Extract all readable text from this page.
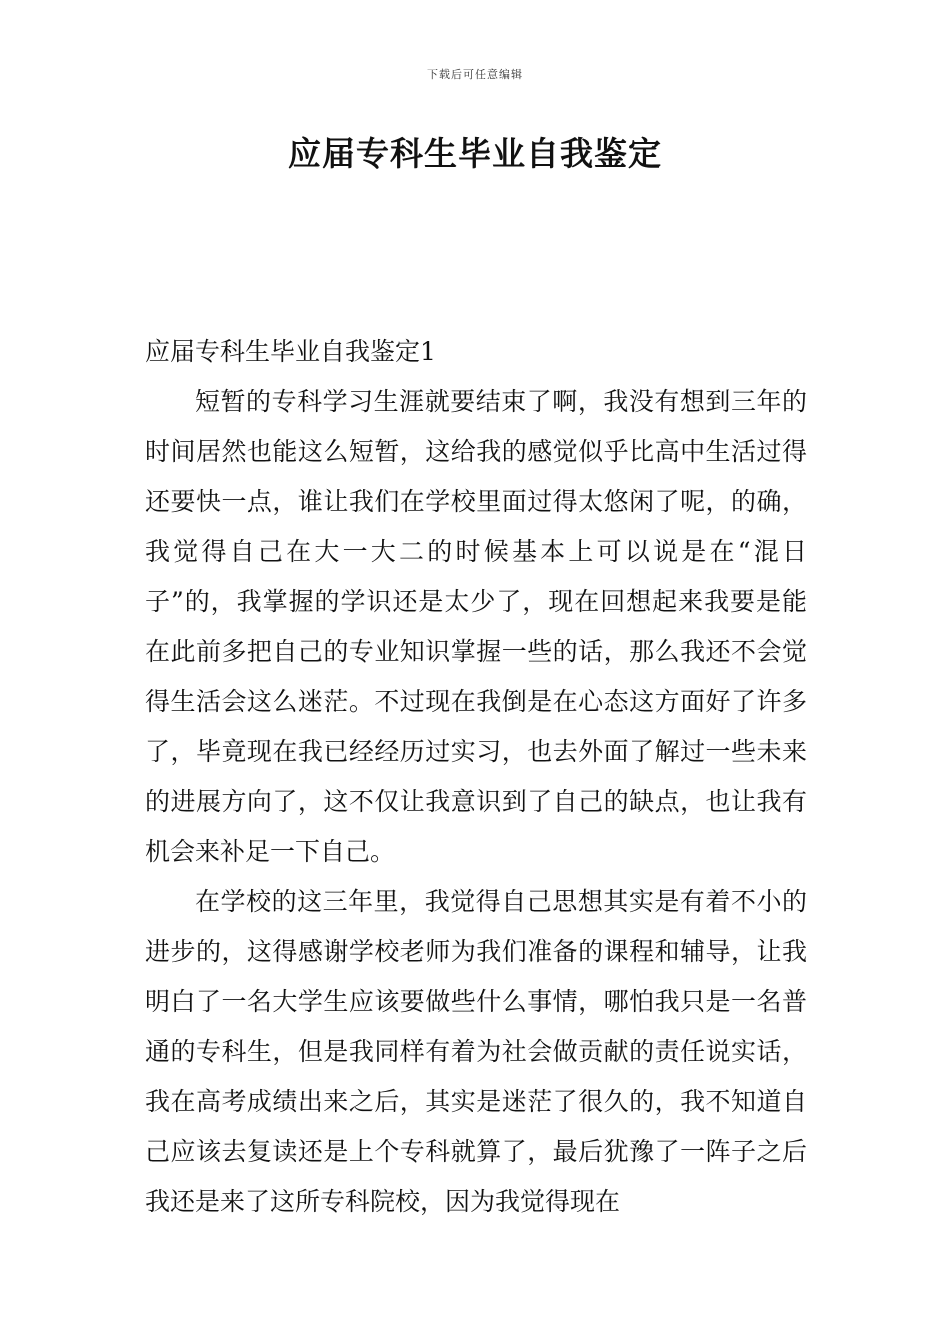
下载后可任意编辑
应届专科生毕业自我鉴定
应届专科生毕业自我鉴定1

短暂的专科学习生涯就要结束了啊，我没有想到三年的时间居然也能这么短暂，这给我的感觉似乎比高中生活过得还要快一点，谁让我们在学校里面过得太悠闲了呢，的确，我觉得自己在大一大二的时候基本上可以说是在“混日子”的，我掌握的学识还是太少了，现在回想起来我要是能在此前多把自己的专业知识掌握一些的话，那么我还不会觉得生活会这么迷茫。不过现在我倒是在心态这方面好了许多了，毕竟现在我已经经历过实习，也去外面了解过一些未来的进展方向了，这不仅让我意识到了自己的缺点，也让我有机会来补足一下自己。

在学校的这三年里，我觉得自己思想其实是有着不小的进步的，这得感谢学校老师为我们准备的课程和辅导，让我明白了一名大学生应该要做些什么事情，哪怕我只是一名普通的专科生，但是我同样有着为社会做贡献的责任说实话，我在高考成绩出来之后，其实是迷茫了很久的，我不知道自己应该去复读还是上个专科就算了，最后犹豫了一阵子之后我还是来了这所专科院校，因为我觉得现在
